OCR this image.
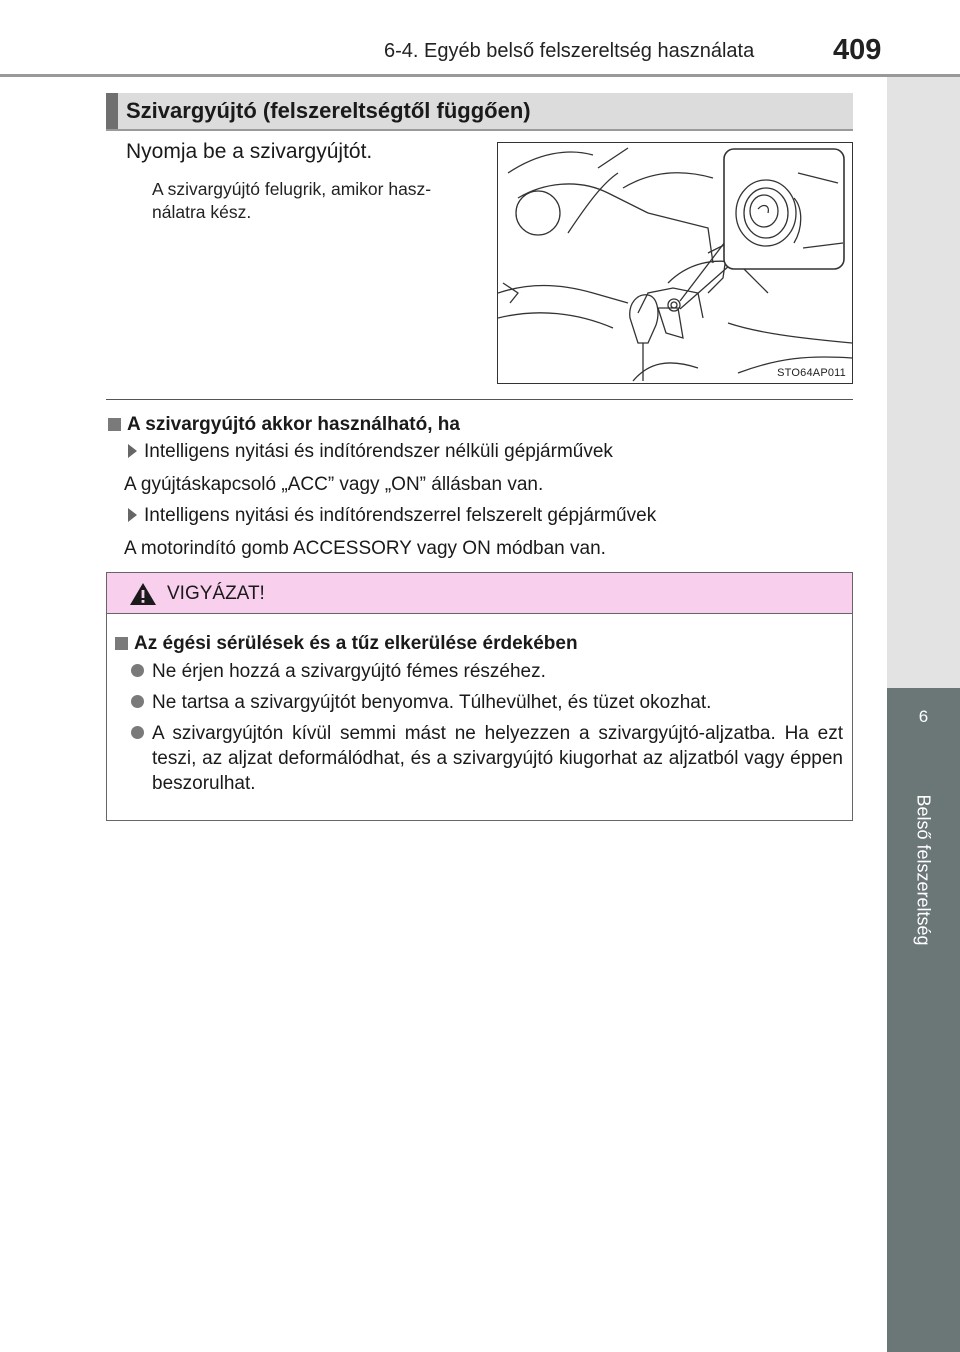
6-4. Egyéb belső felszereltség használata	409
6
Belső felszereltség
Szivargyújtó (felszereltségtől függően)
Nyomja be a szivargyújtót.
A szivargyújtó felugrik, amikor hasz-nálatra kész.
STO64AP011
A szivargyújtó akkor használható, ha
Intelligens nyitási és indítórendszer nélküli gépjárművek
A gyújtáskapcsoló „ACC” vagy „ON” állásban van.
Intelligens nyitási és indítórendszerrel felszerelt gépjárművek
A motorindító gomb ACCESSORY vagy ON módban van.
VIGYÁZAT!
Az égési sérülések és a tűz elkerülése érdekében
Ne érjen hozzá a szivargyújtó fémes részéhez.
Ne tartsa a szivargyújtót benyomva. Túlhevülhet, és tüzet okozhat.
A szivargyújtón kívül semmi mást ne helyezzen a szivargyújtó-aljzatba. Ha ezt teszi, az aljzat deformálódhat, és a szivargyújtó kiugorhat az aljzatból vagy éppen beszorulhat.
